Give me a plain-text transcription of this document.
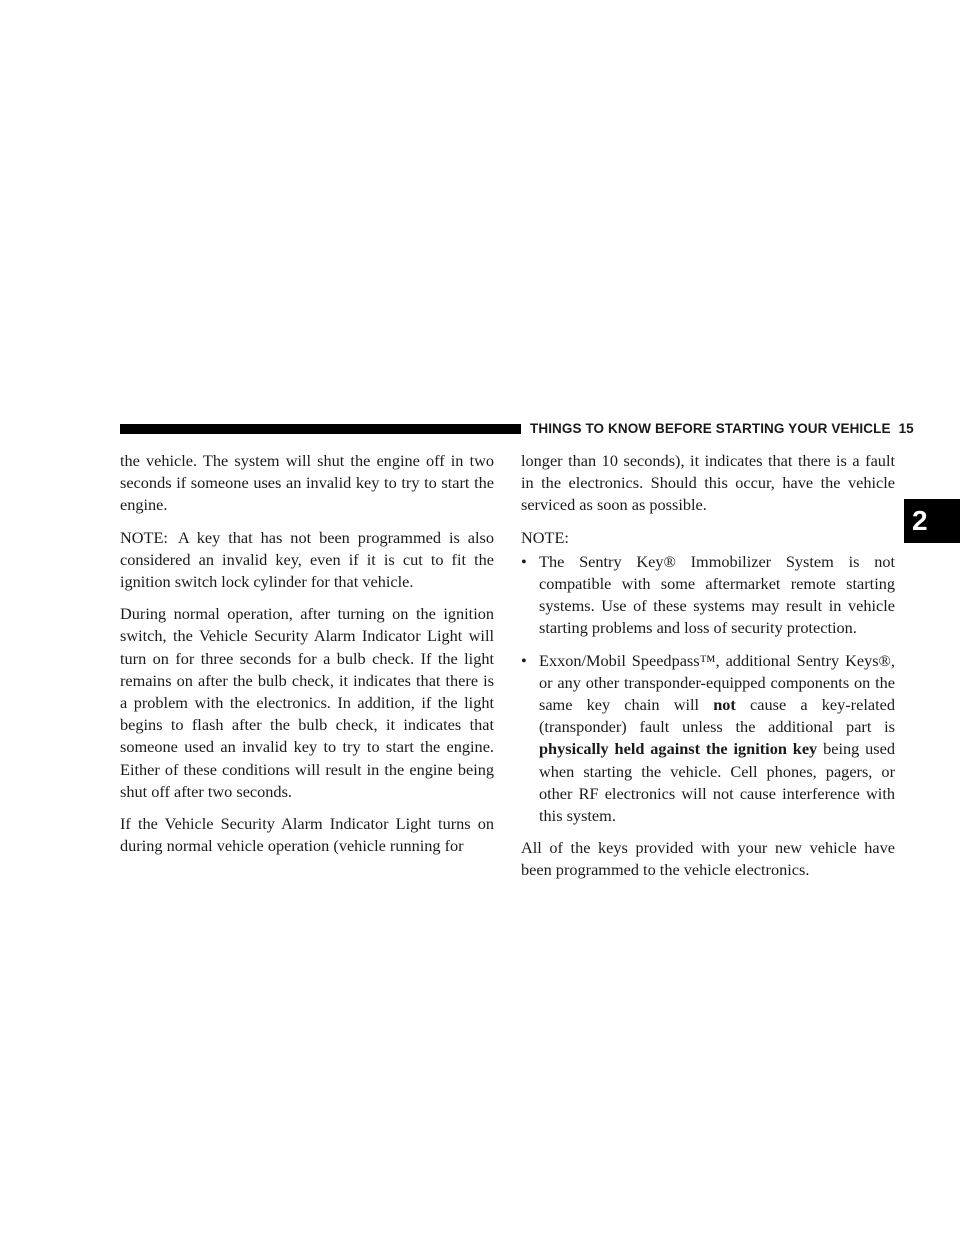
THINGS TO KNOW BEFORE STARTING YOUR VEHICLE 15
2

the vehicle. The system will shut the engine off in two seconds if someone uses an invalid key to try to start the engine.

NOTE: A key that has not been programmed is also considered an invalid key, even if it is cut to fit the ignition switch lock cylinder for that vehicle.

During normal operation, after turning on the ignition switch, the Vehicle Security Alarm Indicator Light will turn on for three seconds for a bulb check. If the light remains on after the bulb check, it indicates that there is a problem with the electronics. In addition, if the light begins to flash after the bulb check, it indicates that someone used an invalid key to try to start the engine. Either of these conditions will result in the engine being shut off after two seconds.

If the Vehicle Security Alarm Indicator Light turns on during normal vehicle operation (vehicle running for

longer than 10 seconds), it indicates that there is a fault in the electronics. Should this occur, have the vehicle serviced as soon as possible.

NOTE:

• The Sentry Key® Immobilizer System is not compatible with some aftermarket remote starting systems. Use of these systems may result in vehicle starting problems and loss of security protection.
• Exxon/Mobil Speedpass™, additional Sentry Keys®, or any other transponder-equipped components on the same key chain will not cause a key-related (transponder) fault unless the additional part is physically held against the ignition key being used when starting the vehicle. Cell phones, pagers, or other RF electronics will not cause interference with this system.

All of the keys provided with your new vehicle have been programmed to the vehicle electronics.
